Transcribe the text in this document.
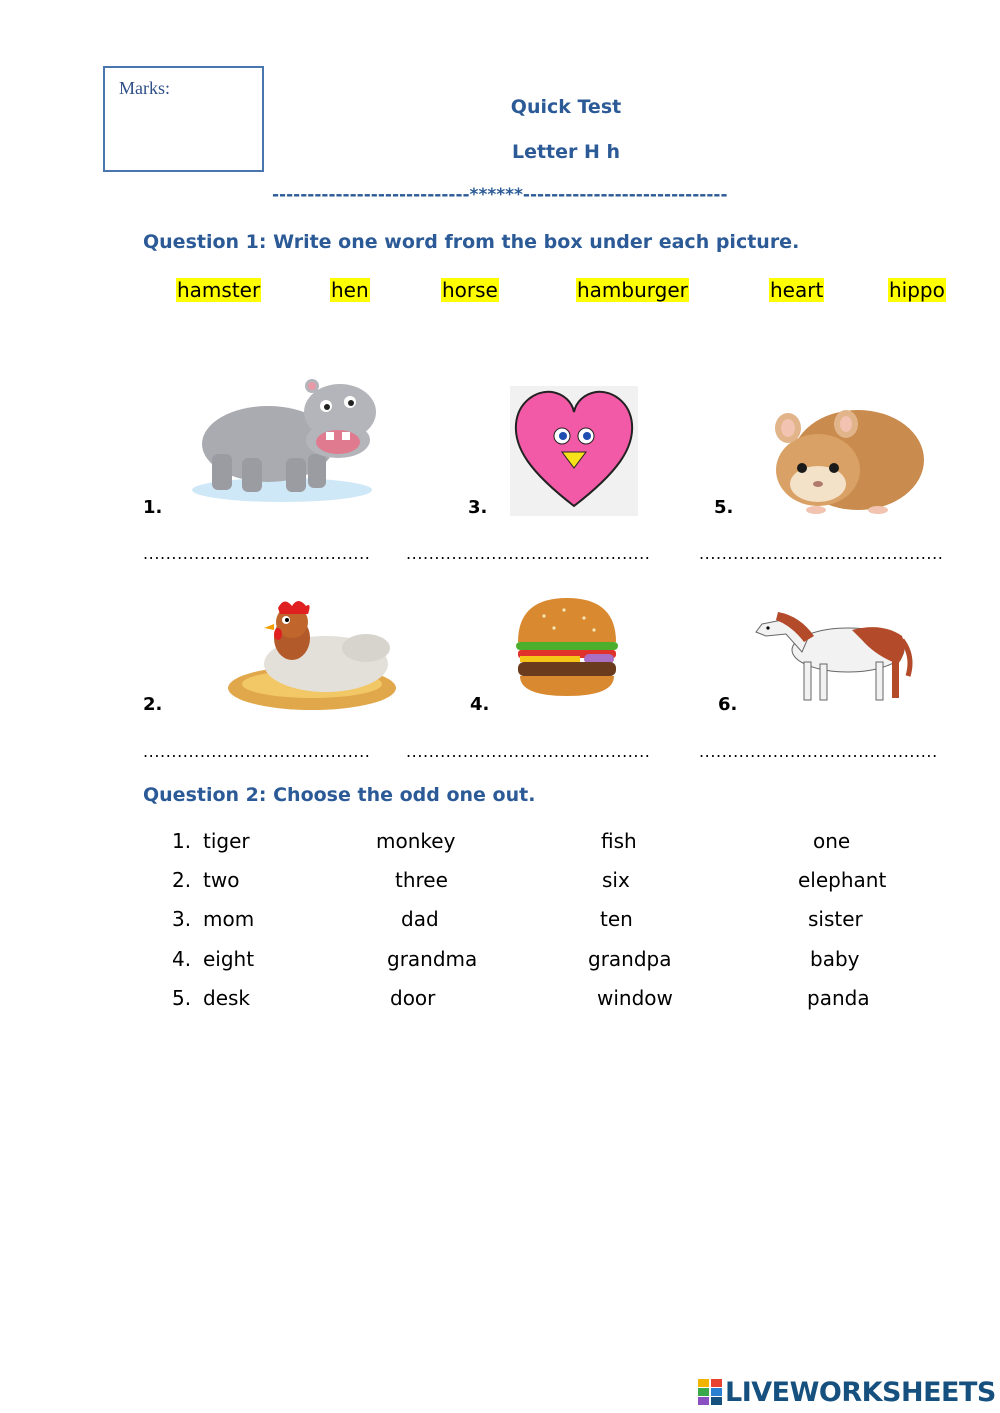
Marks:
Quick Test
Letter H h
----------------------------******-----------------------------
Question 1: Write one word from the box under each picture.
hamster	hen	horse	hamburger	heart	hippo
1.
2.
3.
4.
5.
6.
........................................ ...........................................	...........................................
........................................ ...........................................	..........................................
Question 2: Choose the odd one out.
1. tiger	monkey	fish	one
2. two	three	six	elephant
3. mom	dad	ten	sister
4. eight	grandma	grandpa	baby
5. desk	door	window	panda
LIVEWORKSHEETS
